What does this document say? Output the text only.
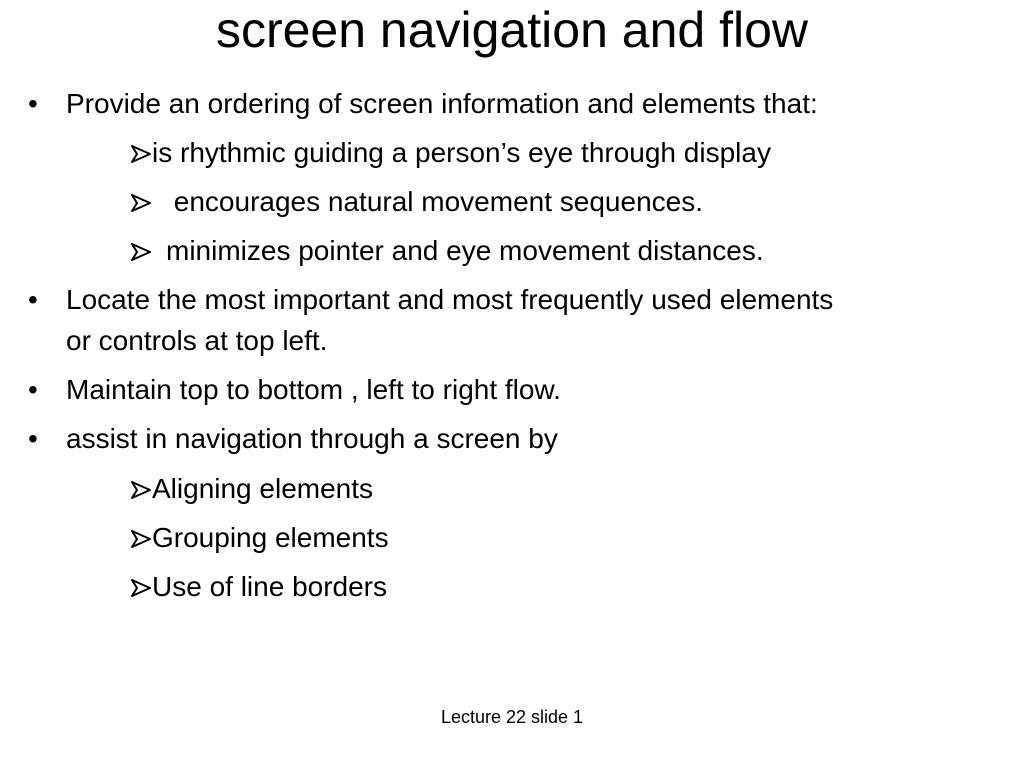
screen navigation and flow
• Provide an ordering of screen information and elements that:
is rhythmic guiding a person’s eye through display
encourages natural movement sequences.
minimizes pointer and eye movement distances.
• Locate the most important and most frequently used elements
or controls at top left.
• Maintain top to bottom , left to right flow.
• assist in navigation through a screen by
Aligning elements
Grouping elements
Use of line borders
Lecture 22 slide 1
